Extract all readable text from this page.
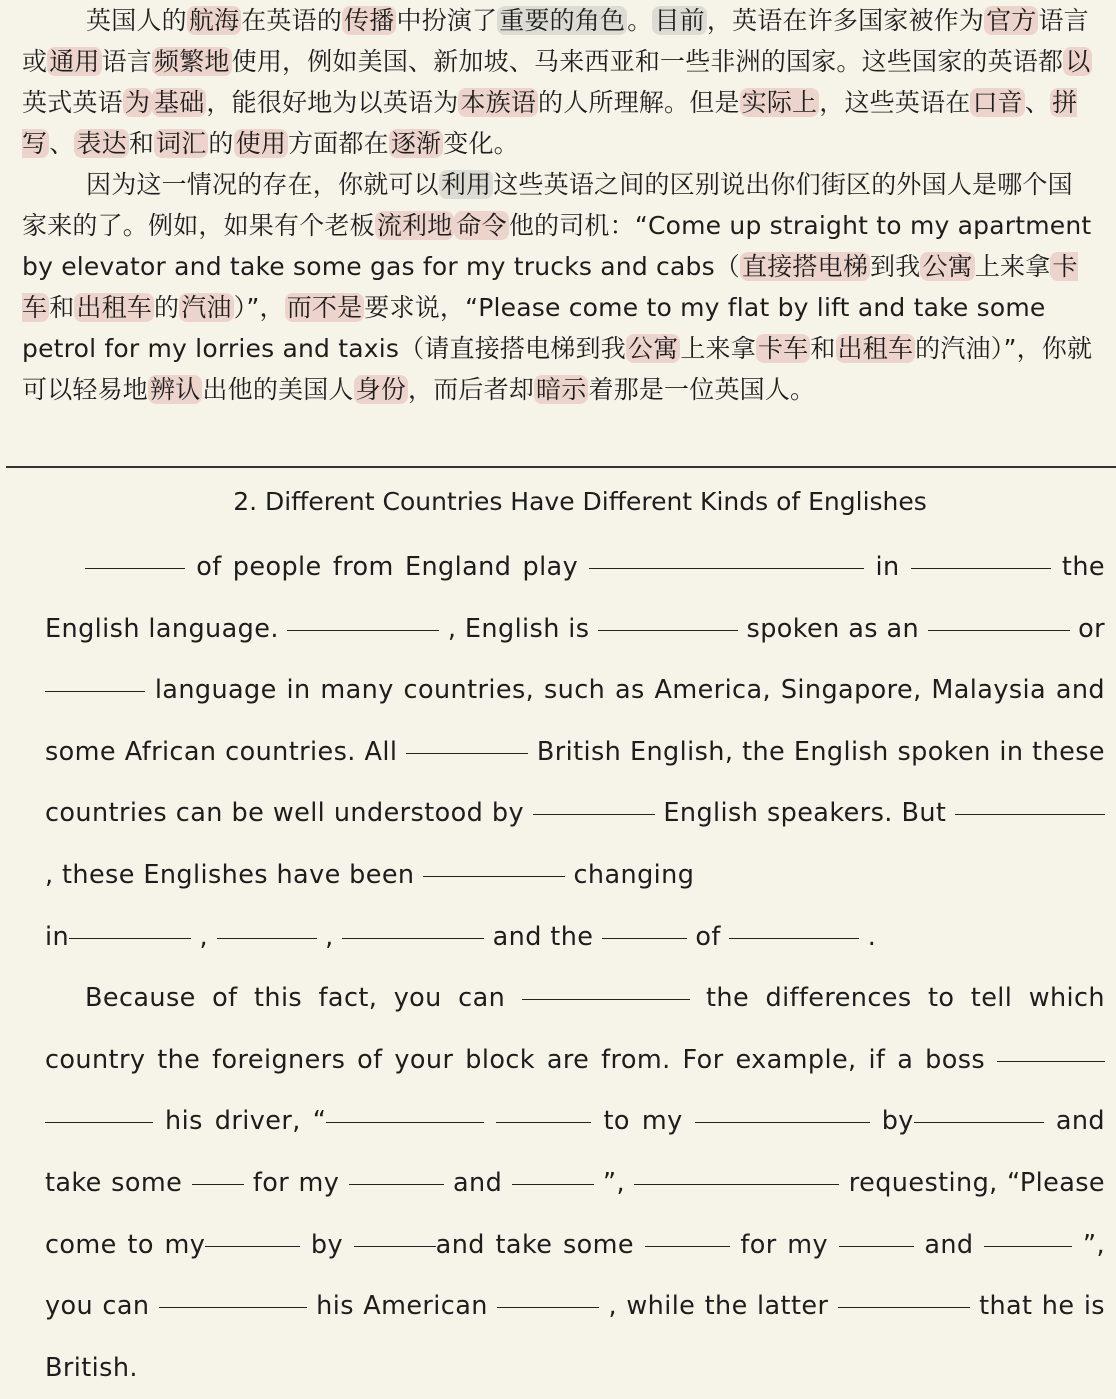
英国人的航海在英语的传播中扮演了重要的角色。目前，英语在许多国家被作为官方语言或通用语言频繁地使用，例如美国、新加坡、马来西亚和一些非洲的国家。这些国家的英语都以英式英语为 基础，能很好地为以英语为本族语的人所理解。但是实际上，这些英语在口音、拼写、表达和词汇的使用方面都在逐渐变化。

因为这一情况的存在，你就可以利用这些英语之间的区别说出你们街区的外国人是哪个国家来的了。例如，如果有个老板流利地 命令他的司机：“Come up straight to my apartment by elevator and take some gas for my trucks and cabs（直接搭电梯到我公寓上来拿卡车和出租车的汽油）”，而不是要求说，“Please come to my flat by lift and take some petrol for my lorries and taxis（请直接搭电梯到我公寓上来拿卡车和出租车的汽油）”，你就可以轻易地辨认出他的美国人身份，而后者却暗示着那是一位英国人。

2. Different Countries Have Different Kinds of Englishes

of people from England play	in	the English language.	, English is	spoken as an	or language in many countries, such as America, Singapore, Malaysia and some African countries. All	British English, the English spoken in these countries can be well understood by	English speakers. But  , these Englishes have been	changing
in	,	,	and the	of	.

Because of this fact, you can	the differences to tell which country the foreigners of your block are from. For example, if a boss   his driver, “	to my	by	and take some  for my	and	”,	requesting, “Please come to my	by	and take some	for my	and	”, you can	his American	, while the latter	that he is British.
